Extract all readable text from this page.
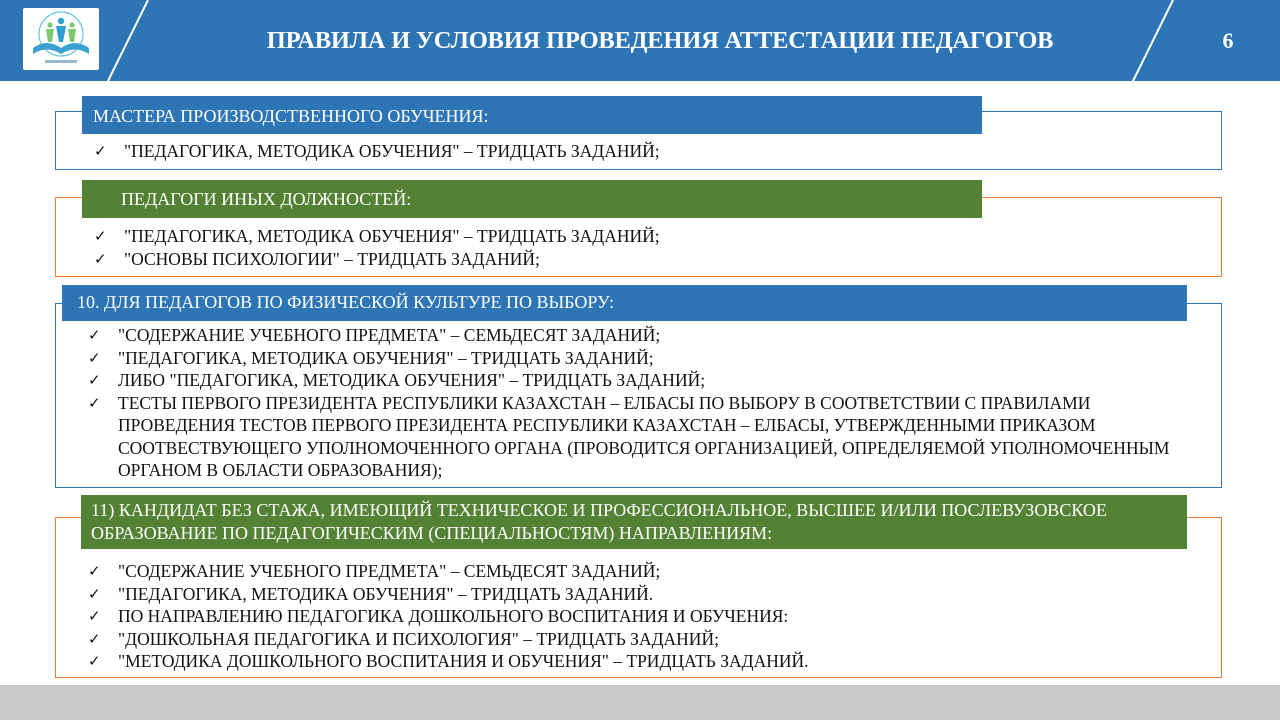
ПРАВИЛА И УСЛОВИЯ ПРОВЕДЕНИЯ АТТЕСТАЦИИ ПЕДАГОГОВ	6
МАСТЕРА ПРОИЗВОДСТВЕННОГО ОБУЧЕНИЯ:
✓ "ПЕДАГОГИКА, МЕТОДИКА ОБУЧЕНИЯ" – ТРИДЦАТЬ ЗАДАНИЙ;
ПЕДАГОГИ ИНЫХ ДОЛЖНОСТЕЙ:
✓ "ПЕДАГОГИКА, МЕТОДИКА ОБУЧЕНИЯ" – ТРИДЦАТЬ ЗАДАНИЙ;
✓ "ОСНОВЫ ПСИХОЛОГИИ" – ТРИДЦАТЬ ЗАДАНИЙ;
10. ДЛЯ ПЕДАГОГОВ ПО ФИЗИЧЕСКОЙ КУЛЬТУРЕ ПО ВЫБОРУ:
✓ "СОДЕРЖАНИЕ УЧЕБНОГО ПРЕДМЕТА" – СЕМЬДЕСЯТ ЗАДАНИЙ;
✓ "ПЕДАГОГИКА, МЕТОДИКА ОБУЧЕНИЯ" – ТРИДЦАТЬ ЗАДАНИЙ;
✓ ЛИБО "ПЕДАГОГИКА, МЕТОДИКА ОБУЧЕНИЯ" – ТРИДЦАТЬ ЗАДАНИЙ;
✓ ТЕСТЫ ПЕРВОГО ПРЕЗИДЕНТА РЕСПУБЛИКИ КАЗАХСТАН – ЕЛБАСЫ ПО ВЫБОРУ В СООТВЕТСТВИИ С ПРАВИЛАМИ ПРОВЕДЕНИЯ ТЕСТОВ ПЕРВОГО ПРЕЗИДЕНТА РЕСПУБЛИКИ КАЗАХСТАН – ЕЛБАСЫ, УТВЕРЖДЕННЫМИ ПРИКАЗОМ СООТВЕСТВУЮЩЕГО УПОЛНОМОЧЕННОГО ОРГАНА (ПРОВОДИТСЯ ОРГАНИЗАЦИЕЙ, ОПРЕДЕЛЯЕМОЙ УПОЛНОМОЧЕННЫМ ОРГАНОМ В ОБЛАСТИ ОБРАЗОВАНИЯ);
11) КАНДИДАТ БЕЗ СТАЖА, ИМЕЮЩИЙ ТЕХНИЧЕСКОЕ И ПРОФЕССИОНАЛЬНОЕ, ВЫСШЕЕ И/ИЛИ ПОСЛЕВУЗОВСКОЕ ОБРАЗОВАНИЕ ПО ПЕДАГОГИЧЕСКИМ (СПЕЦИАЛЬНОСТЯМ) НАПРАВЛЕНИЯМ:
✓ "СОДЕРЖАНИЕ УЧЕБНОГО ПРЕДМЕТА" – СЕМЬДЕСЯТ ЗАДАНИЙ;
✓ "ПЕДАГОГИКА, МЕТОДИКА ОБУЧЕНИЯ" – ТРИДЦАТЬ ЗАДАНИЙ.
✓ ПО НАПРАВЛЕНИЮ ПЕДАГОГИКА ДОШКОЛЬНОГО ВОСПИТАНИЯ И ОБУЧЕНИЯ:
✓ "ДОШКОЛЬНАЯ ПЕДАГОГИКА И ПСИХОЛОГИЯ" – ТРИДЦАТЬ ЗАДАНИЙ;
✓ "МЕТОДИКА ДОШКОЛЬНОГО ВОСПИТАНИЯ И ОБУЧЕНИЯ" – ТРИДЦАТЬ ЗАДАНИЙ.
